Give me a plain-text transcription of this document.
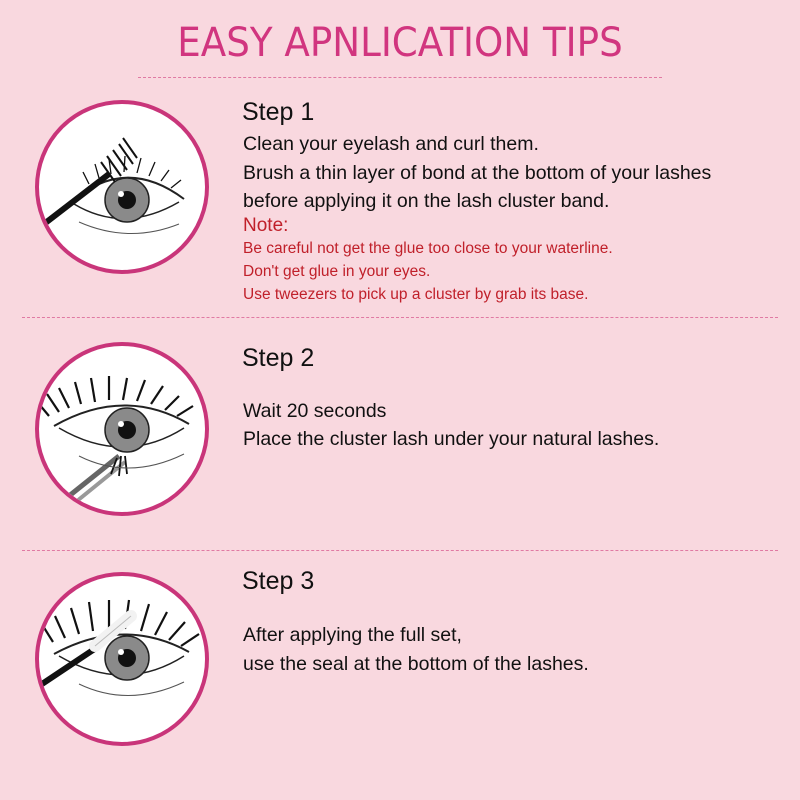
EASY APNLICATION TIPS
Step 1
Clean your eyelash and curl them.
Brush a thin layer of bond at the bottom of your lashes
before applying it on the lash cluster band.
Note:
Be careful not get the glue too close to your waterline.
Don't get glue in your eyes.
Use tweezers to pick up a cluster by grab its base.
Step 2
Wait 20 seconds
Place the cluster lash under your natural lashes.
Step 3
After applying the full set,
use the seal at the bottom of the lashes.
